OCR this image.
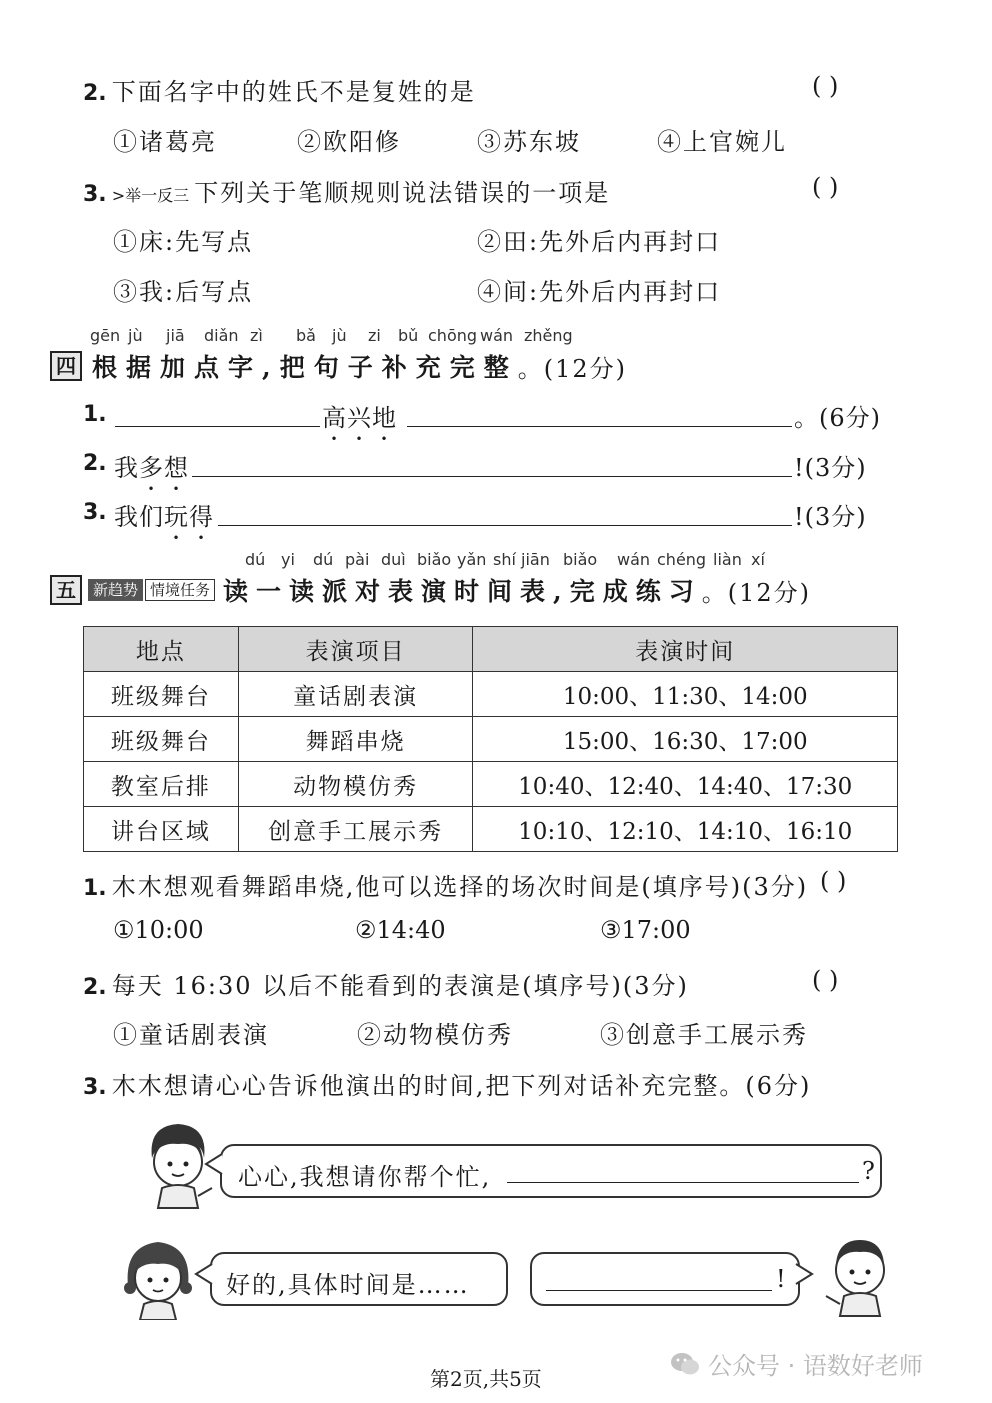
2. 下面名字中的姓氏不是复姓的是	( )
①诸葛亮	②欧阳修	③苏东坡	④上官婉儿
3. >举一反三 下列关于笔顺规则说法错误的一项是	( )
①床:先写点	②田:先外后内再封口
③我:后写点	④间:先外后内再封口
gēn jù jiā diǎn zì bǎ jù zi bǔ chōng wán zhěng
四 根据加点字,把句子补充完整 。(12分)
1.	高兴地	。(6分)
2. 我多想	!(3分)
3. 我们玩得	!(3分)
dú yi dú pài duì biǎo yǎn shí jiān biǎo wán chéng liàn xí
五	新趋势 情境任务 读一读派对表演时间表,完成练习 。(12分)
地点	表演项目	表演时间
班级舞台	童话剧表演	10:00、11:30、14:00
班级舞台	舞蹈串烧	15:00、16:30、17:00
教室后排	动物模仿秀	10:40、12:40、14:40、17:30
讲台区域	创意手工展示秀	10:10、12:10、14:10、16:10
1. 木木想观看舞蹈串烧,他可以选择的场次时间是(填序号)(3分) ( )
①10:00	②14:40	③17:00
2. 每天 16:30 以后不能看到的表演是(填序号)(3分)	( )
①童话剧表演	②动物模仿秀	③创意手工展示秀
3. 木木想请心心告诉他演出的时间,把下列对话补充完整。(6分)
心心,我想请你帮个忙,	?
好的,具体时间是……	!
第2页,共5页	公众号 · 语数好老师
